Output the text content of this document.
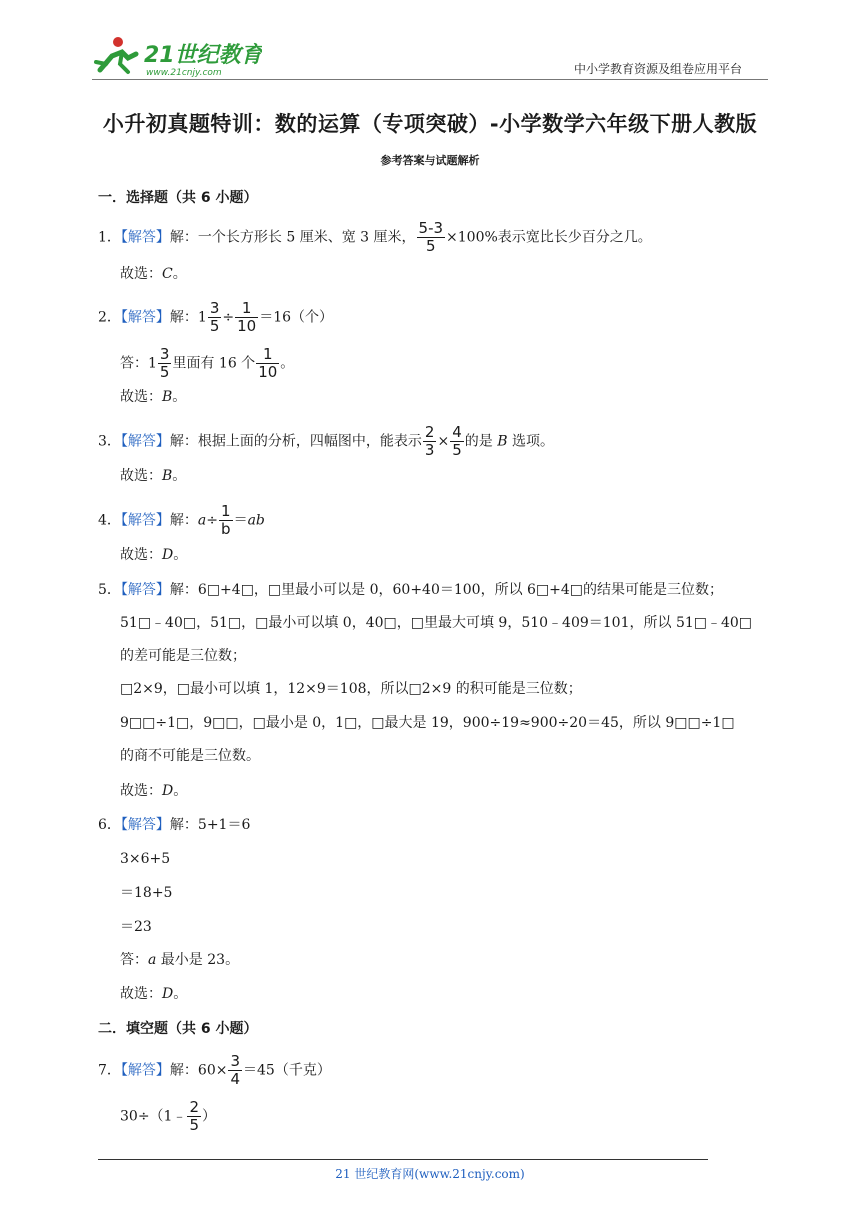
21世纪教育
www.21cnjy.com	中小学教育资源及组卷应用平台
小升初真题特训：数的运算（专项突破）-小学数学六年级下册人教版
参考答案与试题解析
一．选择题（共 6 小题）
1．【解答】解：一个长方形长 5 厘米、宽 3 厘米， $\frac{5-3}{5} \times 100\%$表示宽比长少百分之几。
故选：C。
2．【解答】解：$1 \frac{3}{5} \div \frac{1}{10} =16$（个）
答：$1 \frac{3}{5}$ 里面有 16 个 $\frac{1}{10}$ 。
故选：B。
3．【解答】解：根据上面的分析，四幅图中，能表示 $\frac{2}{3} \times \frac{4}{5}$ 的是 B 选项。
故选：B。
4．【解答】解：$a\div \frac{1}{b} =ab$
故选：D。
5．【解答】解：6□+4□，□里最小可以是 0，60+40＝100，所以 6□+4□的结果可能是三位数；
51□﹣40□，51□，□最小可以填 0，40□，□里最大可填 9，510﹣409＝101，所以 51□﹣40□
的差可能是三位数；
□2×9，□最小可以填 1，12×9＝108，所以□2×9 的积可能是三位数；
9□□÷1□，9□□，□最小是 0，1□，□最大是 19，900÷19≈900÷20＝45，所以 9□□÷1□
的商不可能是三位数。
故选：D。
6．【解答】解：5+1＝6
3×6+5
＝18+5
＝23
答：a 最小是 23。
故选：D。
二．填空题（共 6 小题）
7．【解答】解：$60\times \frac{3}{4} =45$（千克）
30÷（1﹣ $\frac{2}{5}$ ）
21 世纪教育网(www.21cnjy.com)
